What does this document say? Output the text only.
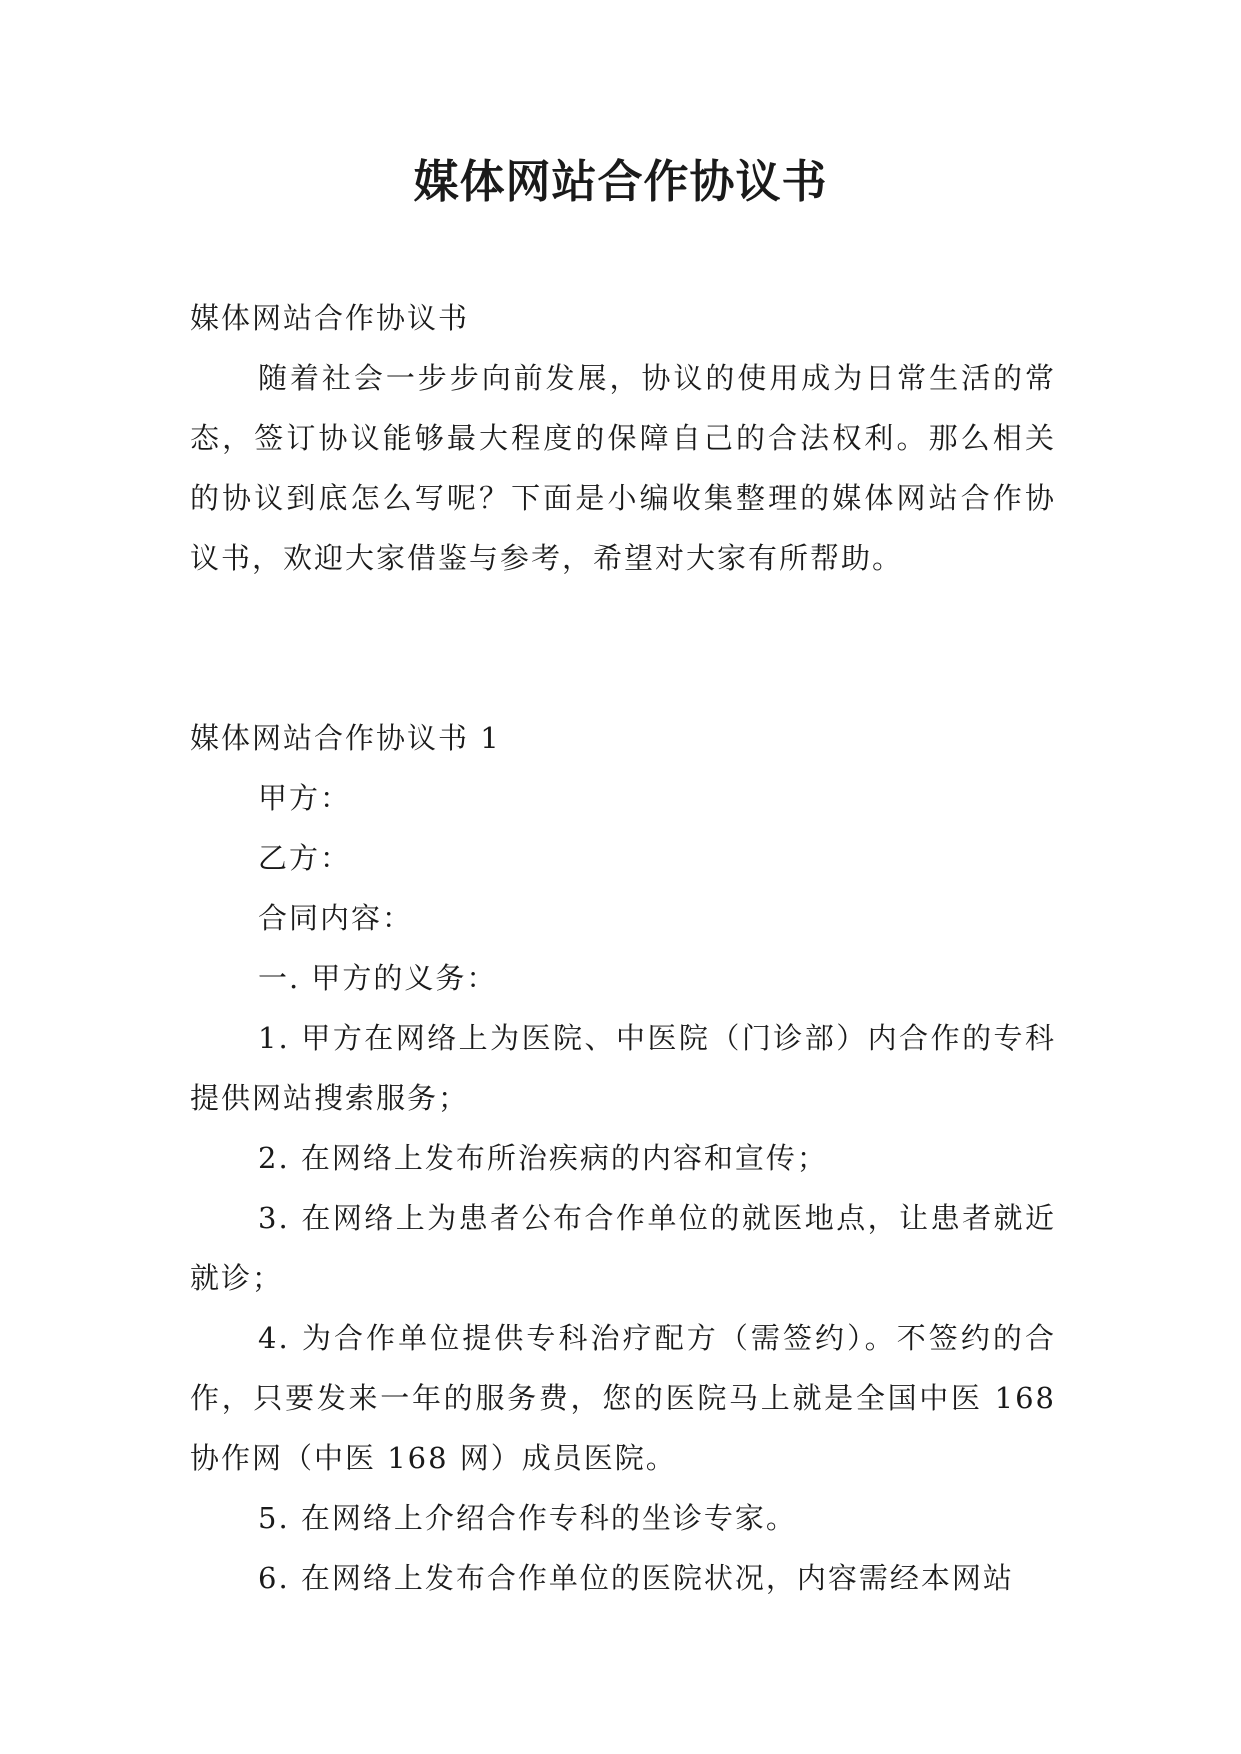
媒体网站合作协议书

媒体网站合作协议书

随着社会一步步向前发展，协议的使用成为日常生活的常态，签订协议能够最大程度的保障自己的合法权利。那么相关的协议到底怎么写呢？下面是小编收集整理的媒体网站合作协议书，欢迎大家借鉴与参考，希望对大家有所帮助。

媒体网站合作协议书 1

甲方：

乙方：

合同内容：

一. 甲方的义务：

1. 甲方在网络上为医院、中医院（门诊部）内合作的专科提供网站搜索服务；

2. 在网络上发布所治疾病的内容和宣传；

3. 在网络上为患者公布合作单位的就医地点，让患者就近就诊；

4. 为合作单位提供专科治疗配方（需签约）。不签约的合作，只要发来一年的服务费，您的医院马上就是全国中医 168 协作网（中医 168 网）成员医院。

5. 在网络上介绍合作专科的坐诊专家。

6. 在网络上发布合作单位的医院状况，内容需经本网站
